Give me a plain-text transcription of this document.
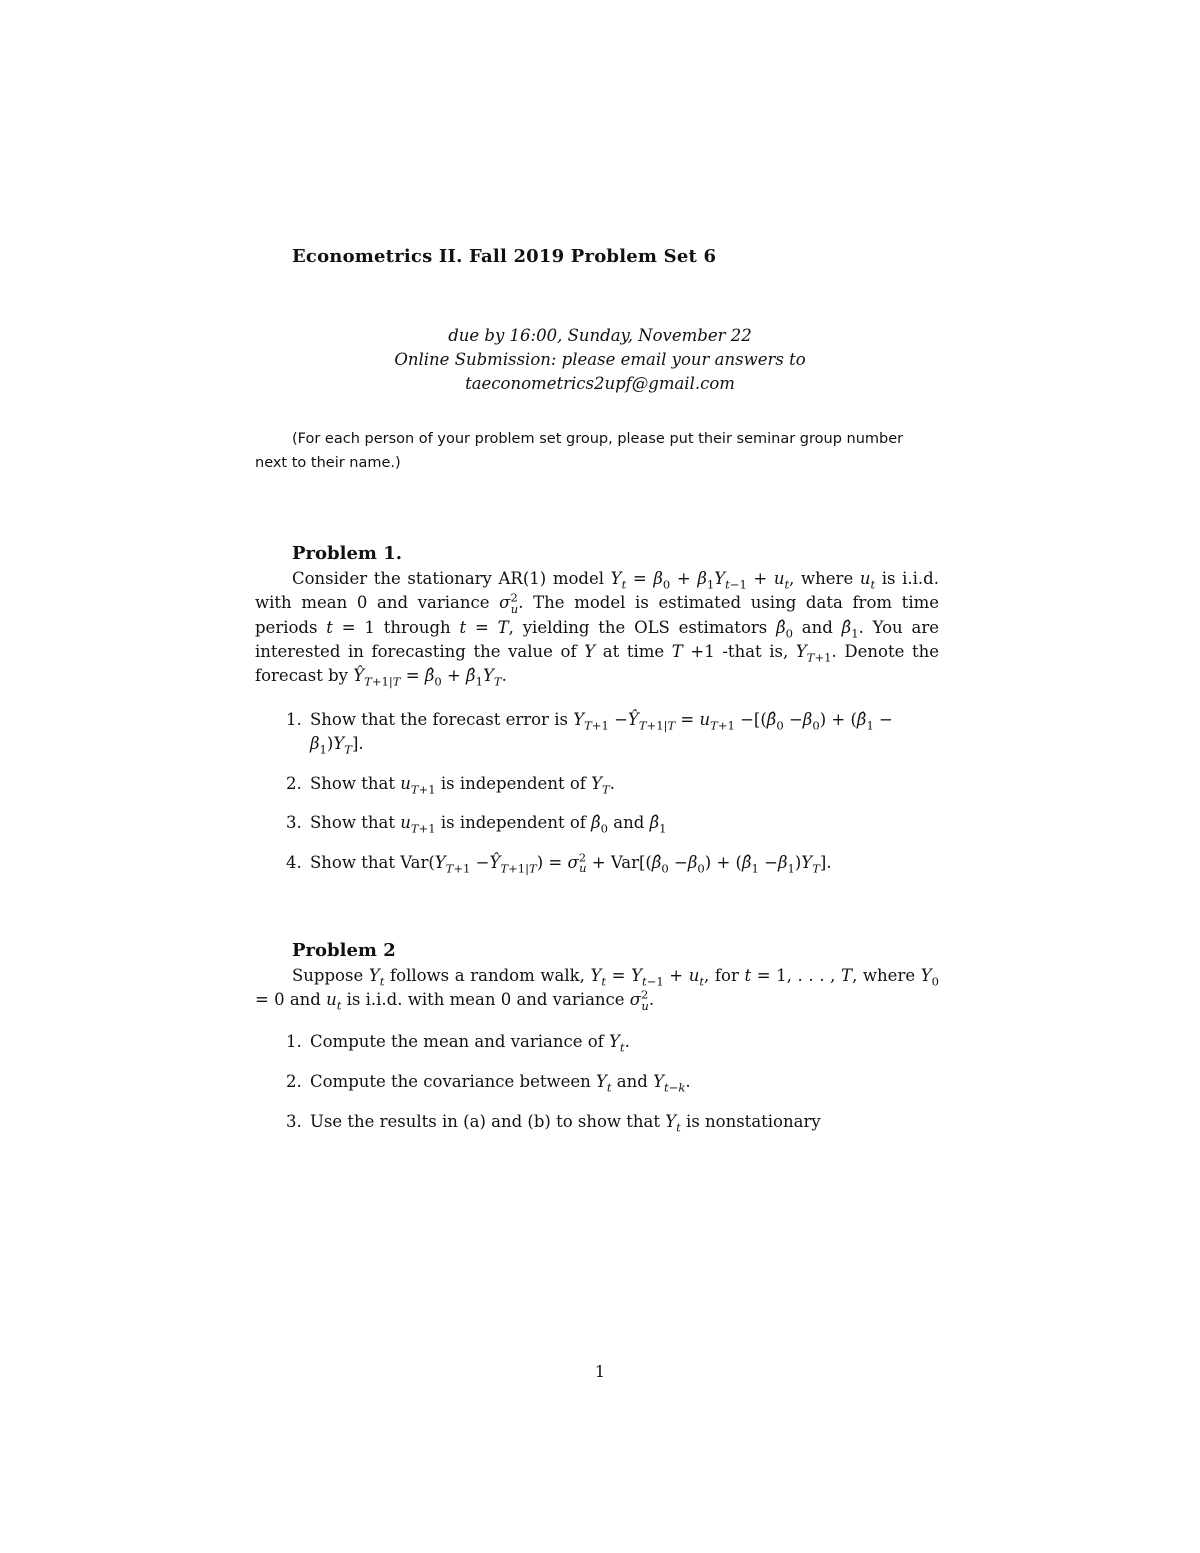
Econometrics II. Fall 2019 Problem Set 6
due by 16:00, Sunday, November 22
Online Submission: please email your answers to
taeconometrics2upf@gmail.com
(For each person of your problem set group, please put their seminar group number next to their name.)
Problem 1.
Consider the stationary AR(1) model $Y_t = \beta_0 + \beta_1Y_{t-1} + u_t$, where $u_t$ is i.i.d. with mean 0 and variance $\sigma^2_u$. The model is estimated using data from time periods t = 1 through t = T, yielding the OLS estimators $\betâ_0$ and $\betâ_1$. You are interested in forecasting the value of Y at time T +1 -that is, $Y_{T+1}$. Denote the forecast by $Ŷ_{T+1|T}$ = $\betâ_0$ + $\betâ_1Y_T$.
1. Show that the forecast error is $Y_{T+1}$ $-Ŷ_{T+1|T} = u_{T+1}$ $-[(\betâ_0 -\beta_0)$ + ($\betâ_1$ −
$\beta_1)Y_T$].
2. Show that $u_{T+1}$ is independent of $Y_T$.
3. Show that $u_{T+1}$ is independent of $\betâ_0$ and $\betâ_1$
4. Show that $Var(Y_{T+1}$ $-Ŷ_{T+1|T}) = \sigma^2_u$ + $Var[(\betâ_0 -\beta_0)$ + $(\betâ_1 -\beta_1)Y_T$].
Problem 2
Suppose $Y_t$ follows a random walk, $Y_t = Y_{t-1} + u_t$, for t = 1, . . . , T, where $Y_0 = 0$ and $u_t$ is i.i.d. with mean 0 and variance $\sigma^2_u$.
1. Compute the mean and variance of $Y_t$.
2. Compute the covariance between $Y_t$ and $Y_{t-k}$.
3. Use the results in (a) and (b) to show that $Y_t$ is nonstationary
1
